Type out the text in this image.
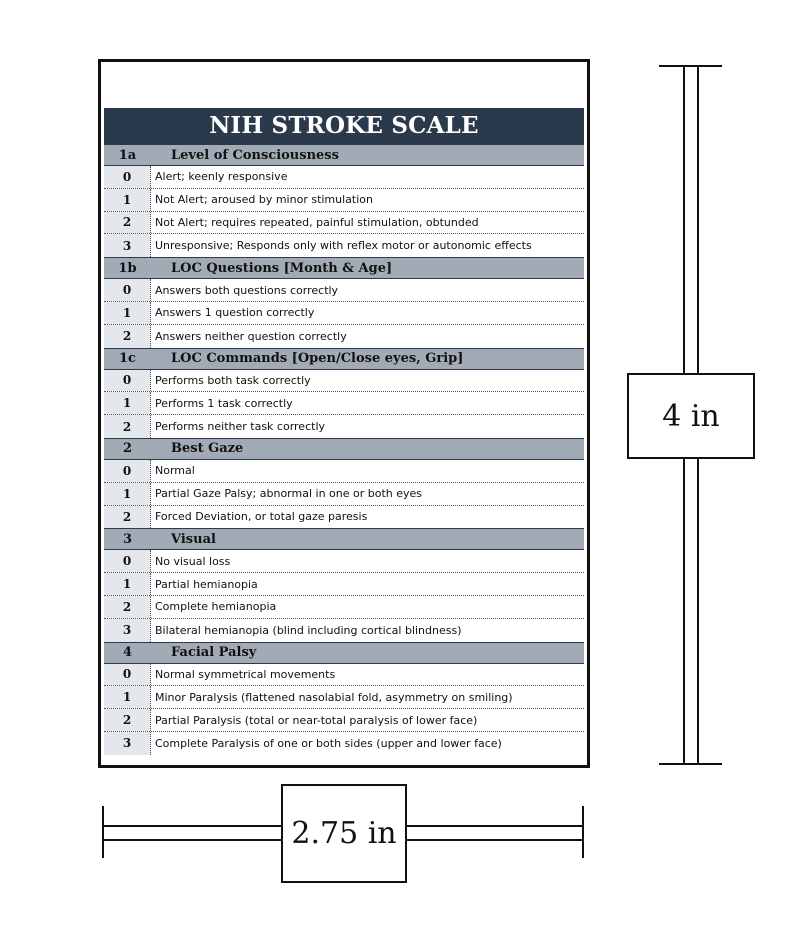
NIH STROKE SCALE
1a	Level of Consciousness
0	Alert; keenly responsive
1	Not Alert; aroused by minor stimulation
2	Not Alert; requires repeated, painful stimulation, obtunded
3	Unresponsive; Responds only with reflex motor or autonomic effects
1b	LOC Questions [Month & Age]
0	Answers both questions correctly
1	Answers 1 question correctly
2	Answers neither question correctly
1c	LOC Commands [Open/Close eyes, Grip]
0	Performs both task correctly
1	Performs 1 task correctly
2	Performs neither task correctly
2	Best Gaze
0	Normal
1	Partial Gaze Palsy; abnormal in one or both eyes
2	Forced Deviation, or total gaze paresis
3	Visual
0	No visual loss
1	Partial hemianopia
2	Complete hemianopia
3	Bilateral hemianopia (blind including cortical blindness)
4	Facial Palsy
0	Normal symmetrical movements
1	Minor Paralysis (flattened nasolabial fold, asymmetry on smiling)
2	Partial Paralysis (total or near-total paralysis of lower face)
3	Complete Paralysis of one or both sides (upper and lower face)
4 in
2.75 in
